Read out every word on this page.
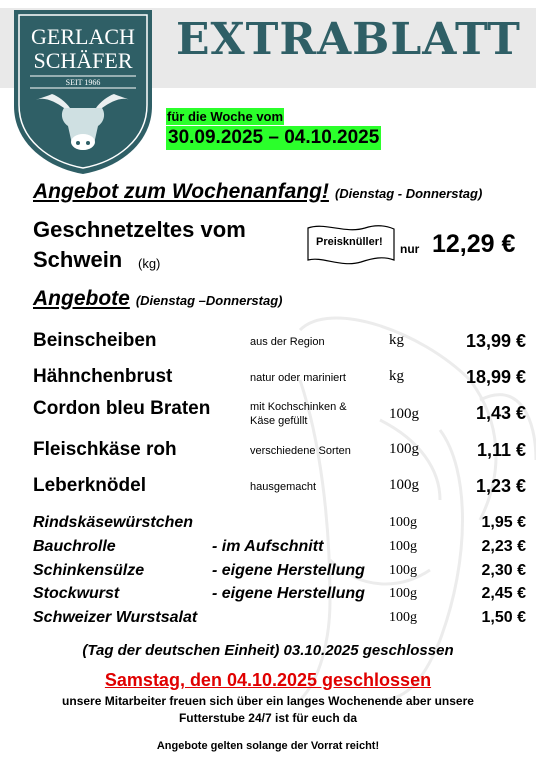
EXTRABLATT
GERLACH
SCHÄFER
SEIT 1966
für die Woche vom
30.09.2025 – 04.10.2025
Angebot zum Wochenanfang! (Dienstag - Donnerstag)
Geschnetzeltes vom
Schwein (kg)
Preisknüller! nur 12,29 €
Angebote (Dienstag –Donnerstag)
Beinscheiben	aus der Region	kg	13,99 €
Hähnchenbrust	natur oder mariniert	kg	18,99 €
Cordon bleu Braten	mit Kochschinken &
Käse gefüllt	100g	1,43 €
Fleischkäse roh	verschiedene Sorten	100g	1,11 €
Leberknödel	hausgemacht	100g	1,23 €
Rindskäsewürstchen	100g	1,95 €
Bauchrolle	- im Aufschnitt	100g	2,23 €
Schinkensülze	- eigene Herstellung 100g	2,30 €
Stockwurst	- eigene Herstellung 100g	2,45 €
Schweizer Wurstsalat	100g	1,50 €
(Tag der deutschen Einheit) 03.10.2025 geschlossen
Samstag, den 04.10.2025 geschlossen
unsere Mitarbeiter freuen sich über ein langes Wochenende aber unsere
Futterstube 24/7 ist für euch da
Angebote gelten solange der Vorrat reicht!
